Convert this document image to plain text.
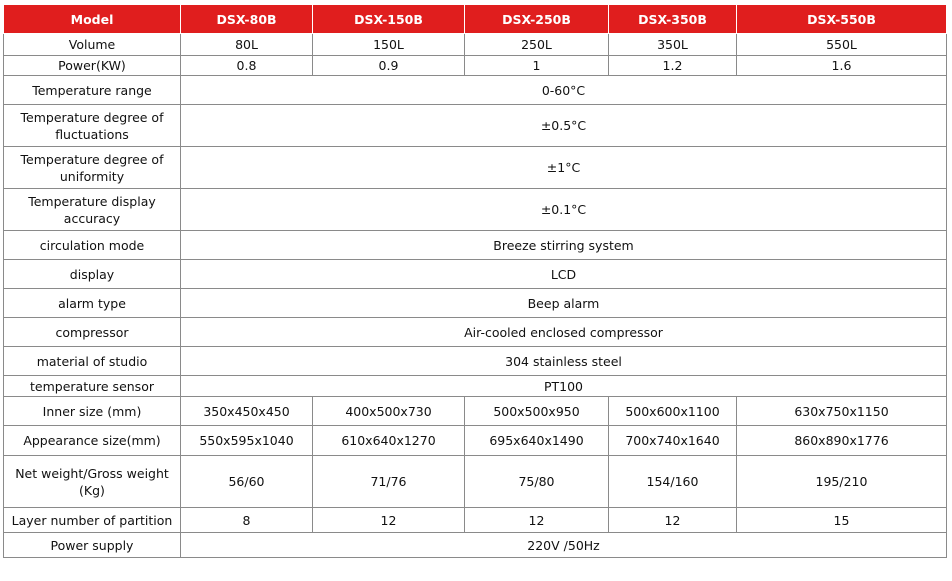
Model	DSX-80B	DSX-150B	DSX-250B	DSX-350B	DSX-550B
Volume	80L	150L	250L	350L	550L
Power(KW)	0.8	0.9	1	1.2	1.6
Temperature range	0-60°C				
Temperature degree of fluctuations	±0.5°C				
Temperature degree of uniformity	±1°C				
Temperature display accuracy	±0.1°C				
circulation mode	Breeze stirring system				
display	LCD				
alarm type	Beep alarm				
compressor	Air-cooled enclosed compressor				
material of studio	304 stainless steel				
temperature sensor	PT100				
Inner size (mm)	350x450x450	400x500x730	500x500x950	500x600x1100	630x750x1150
Appearance size(mm)	550x595x1040	610x640x1270	695x640x1490	700x740x1640	860x890x1776
Net weight/Gross weight (Kg)	56/60	71/76	75/80	154/160	195/210
Layer number of partition	8	12	12	12	15
Power supply	220V /50Hz				
